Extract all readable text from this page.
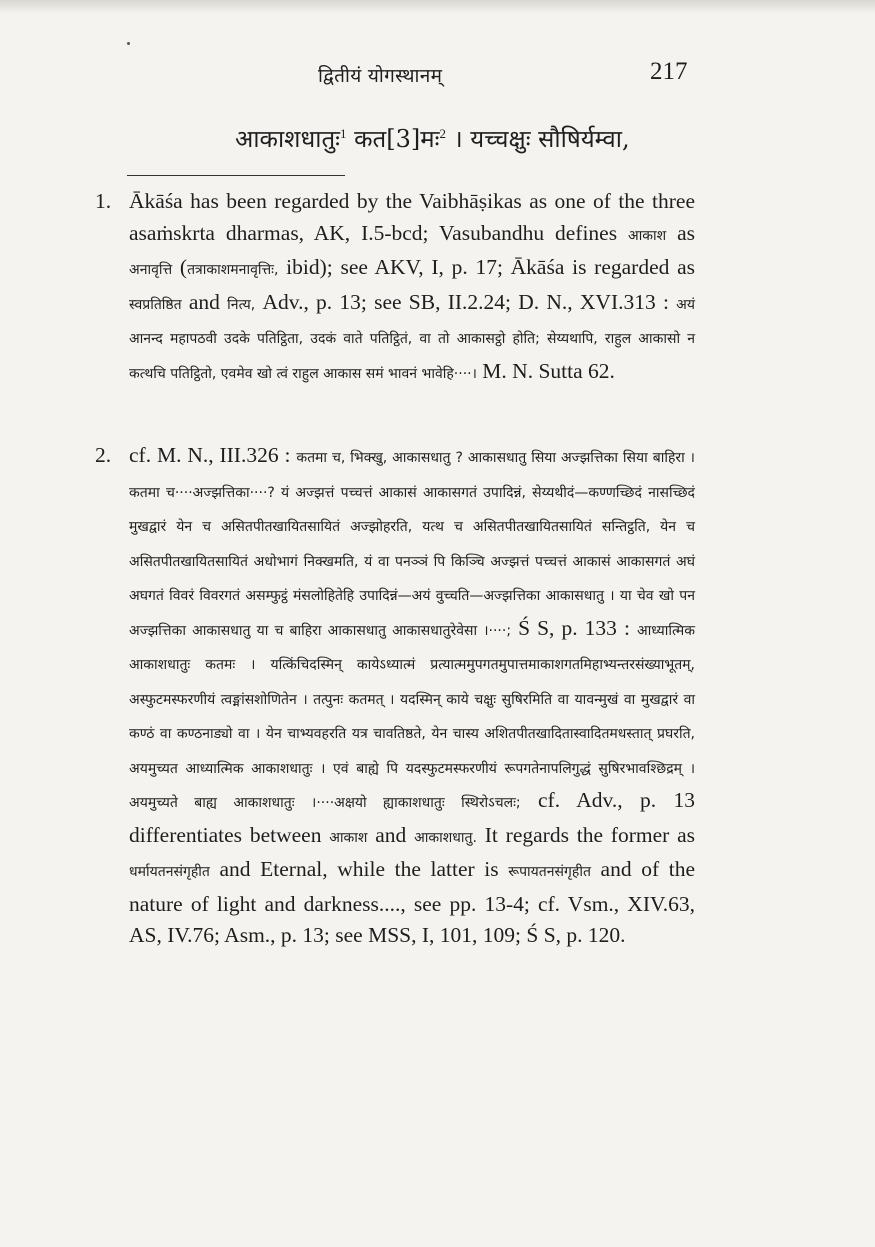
द्वितीयं योगस्थानम्	217
आकाशधातुः$^1$ कत[3]मः$^2$ । यच्चक्षुः सौषिर्यम्वा,
1. Ākāśa has been regarded by the Vaibhāṣikas as one of the three asaṁskrta dharmas, AK, I.5-bcd; Vasubandhu defines आकाश as अनावृत्ति (तत्राकाशमनावृत्तिः, ibid); see AKV, I, p. 17; Ākāśa is regarded as स्वप्रतिष्ठित and नित्य, Adv., p. 13; see SB, II.2.24; D. N., XVI.313 : अयं आनन्द महापठवी उदके पतिट्ठिता, उदकं वाते पतिट्ठितं, वा तो आकासट्ठो होति; सेय्यथापि, राहुल आकासो न कत्थचि पतिट्ठितो, एवमेव खो त्वं राहुल आकास समं भावनं भावेहि····। M. N. Sutta 62.
2. cf. M. N., III.326 : कतमा च, भिक्खु, आकासधातु ? आकासधातु सिया अज्झत्तिका सिया बाहिरा । कतमा च····अज्झत्तिका····? यं अज्झत्तं पच्चत्तं आकासं आकासगतं उपादिन्नं, सेय्यथीदं—कण्णच्छिदं नासच्छिदं मुखद्वारं येन च असितपीतखायितसायितं अज्झोहरति, यत्थ च असितपीतखायितसायितं सन्तिट्ठति, येन च असितपीतखायितसायितं अधोभागं निक्खमति, यं वा पनञ्ञं पि किञ्चि अज्झत्तं पच्चत्तं आकासं आकासगतं अघं अघगतं विवरं विवरगतं असम्फुट्ठं मंसलोहितेहि उपादिन्नं—अयं वुच्चति—अज्झत्तिका आकासधातु । या चेव खो पन अज्झत्तिका आकासधातु या च बाहिरा आकासधातु आकासधातुरेवेसा ।····; Ś S, p. 133 : आध्यात्मिक आकाशधातुः कतमः । यत्किंचिदस्मिन् कायेऽध्यात्मं प्रत्यात्ममुपगतमुपात्तमाकाशगतमिहाभ्यन्तरसंख्याभूतम्, अस्फुटमस्फरणीयं त्वङ्मांसशोणितेन । तत्पुनः कतमत् । यदस्मिन् काये चक्षुः सुषिरमिति वा यावन्मुखं वा मुखद्वारं वा कण्ठं वा कण्ठनाड्यो वा । येन चाभ्यवहरति यत्र चावतिष्ठते, येन चास्य अशितपीतखादितास्वादितमधस्तात् प्रघरति, अयमुच्यत आध्यात्मिक आकाशधातुः । एवं बाह्ये पि यदस्फुटमस्फरणीयं रूपगतेनापलिगुद्धं सुषिरभावश्छिद्रम् । अयमुच्यते बाह्य आकाशधातुः ।····अक्षयो ह्याकाशधातुः स्थिरोऽचलः; cf. Adv., p. 13 differentiates between आकाश and आकाशधातु. It regards the former as धर्मायतनसंगृहीत and Eternal, while the latter is रूपायतनसंगृहीत and of the nature of light and darkness...., see pp. 13-4; cf. Vsm., XIV.63, AS, IV.76; Asm., p. 13; see MSS, I, 101, 109; Ś S, p. 120.
